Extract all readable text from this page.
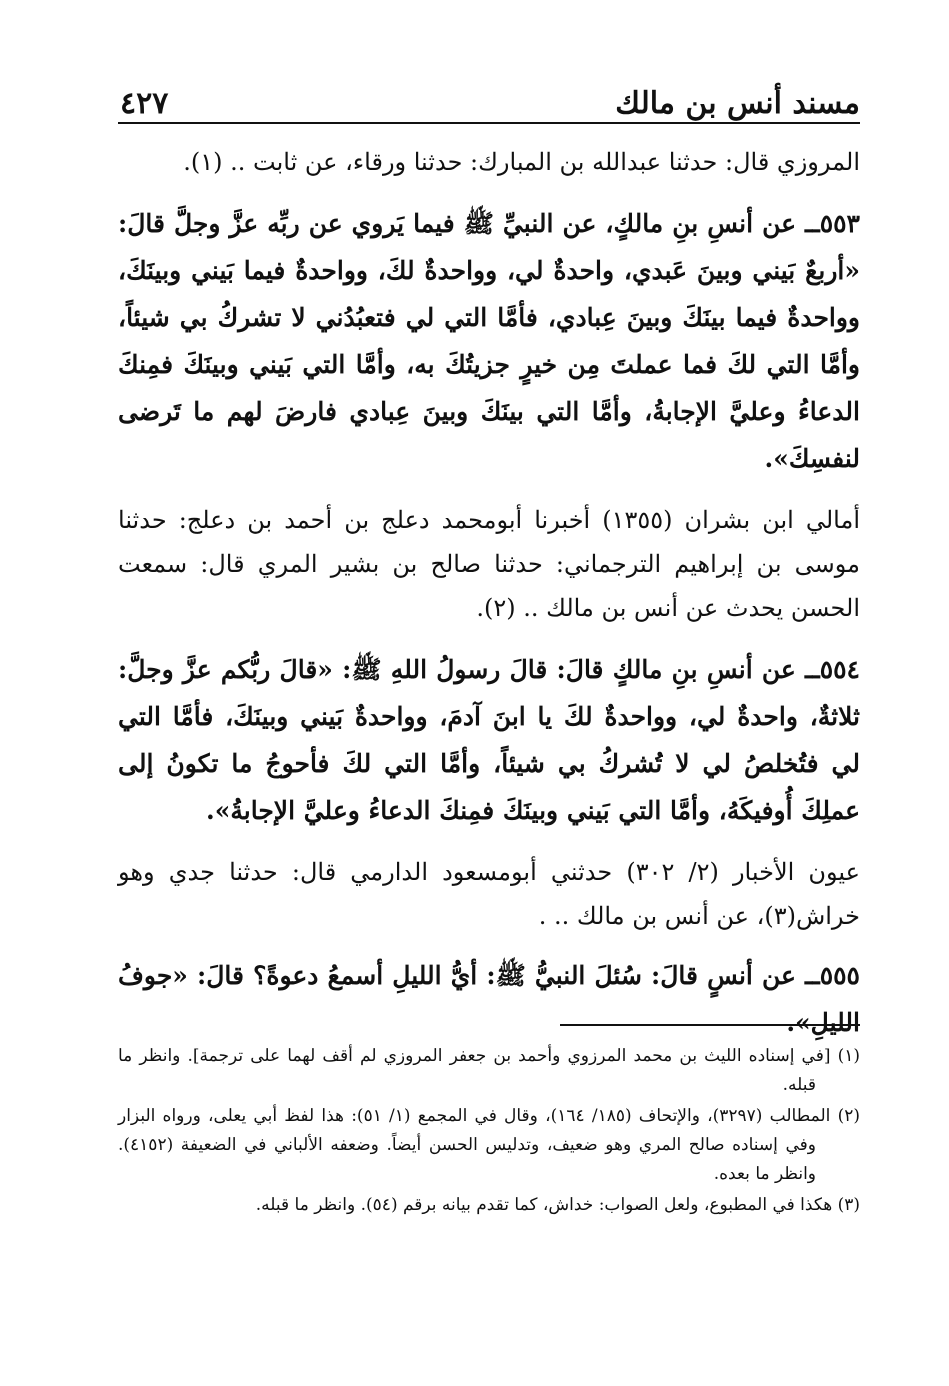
مسند أنس بن مالك
٤٢٧

المروزي قال: حدثنا عبدالله بن المبارك: حدثنا ورقاء، عن ثابت .. (١).

٥٥٣ــ عن أنسِ بنِ مالكٍ، عن النبيِّ ﷺ فيما يَروي عن ربِّه عزَّ وجلَّ قالَ: «أربعٌ بَيني وبينَ عَبدي، واحدةٌ لي، وواحدةٌ لكَ، وواحدةٌ فيما بَيني وبينَكَ، وواحدةٌ فيما بينَكَ وبينَ عِبادي، فأمَّا التي لي فتعبُدُني لا تشركُ بي شيئاً، وأمَّا التي لكَ فما عملتَ مِن خيرٍ جزيتُكَ به، وأمَّا التي بَيني وبينَكَ فمِنكَ الدعاءُ وعليَّ الإجابةُ، وأمَّا التي بينَكَ وبينَ عِبادي فارضَ لهم ما تَرضى لنفسِكَ».

أمالي ابن بشران (١٣٥٥) أخبرنا أبومحمد دعلج بن أحمد بن دعلج: حدثنا موسى بن إبراهيم الترجماني: حدثنا صالح بن بشير المري قال: سمعت الحسن يحدث عن أنس بن مالك .. (٢).

٥٥٤ــ عن أنسِ بنِ مالكٍ قالَ: قالَ رسولُ اللهِ ﷺ: «قالَ ربُّكم عزَّ وجلَّ: ثلاثةٌ، واحدةٌ لي، وواحدةٌ لكَ يا ابنَ آدمَ، وواحدةٌ بَيني وبينَكَ، فأمَّا التي لي فتُخلصُ لي لا تُشركُ بي شيئاً، وأمَّا التي لكَ فأحوجُ ما تكونُ إلى عملِكَ أُوفيكَهُ، وأمَّا التي بَيني وبينَكَ فمِنكَ الدعاءُ وعليَّ الإجابةُ».

عيون الأخبار (٢/ ٣٠٢) حدثني أبومسعود الدارمي قال: حدثنا جدي وهو خراش(٣)، عن أنس بن مالك .. .

٥٥٥ــ عن أنسٍ قالَ: سُئلَ النبيُّ ﷺ: أيُّ الليلِ أسمعُ دعوةً؟ قالَ: «جوفُ الليلِ».

(١) [في إسناده الليث بن محمد المرزوي وأحمد بن جعفر المروزي لم أقف لهما على ترجمة]. وانظر ما قبله.

(٢) المطالب (٣٢٩٧)، والإتحاف (١٨٥/ ١٦٤)، وقال في المجمع (١/ ٥١): هذا لفظ أبي يعلى، ورواه البزار وفي إسناده صالح المري وهو ضعيف، وتدليس الحسن أيضاً. وضعفه الألباني في الضعيفة (٤١٥٢). وانظر ما بعده.

(٣) هكذا في المطبوع، ولعل الصواب: خداش، كما تقدم بيانه برقم (٥٤). وانظر ما قبله.
